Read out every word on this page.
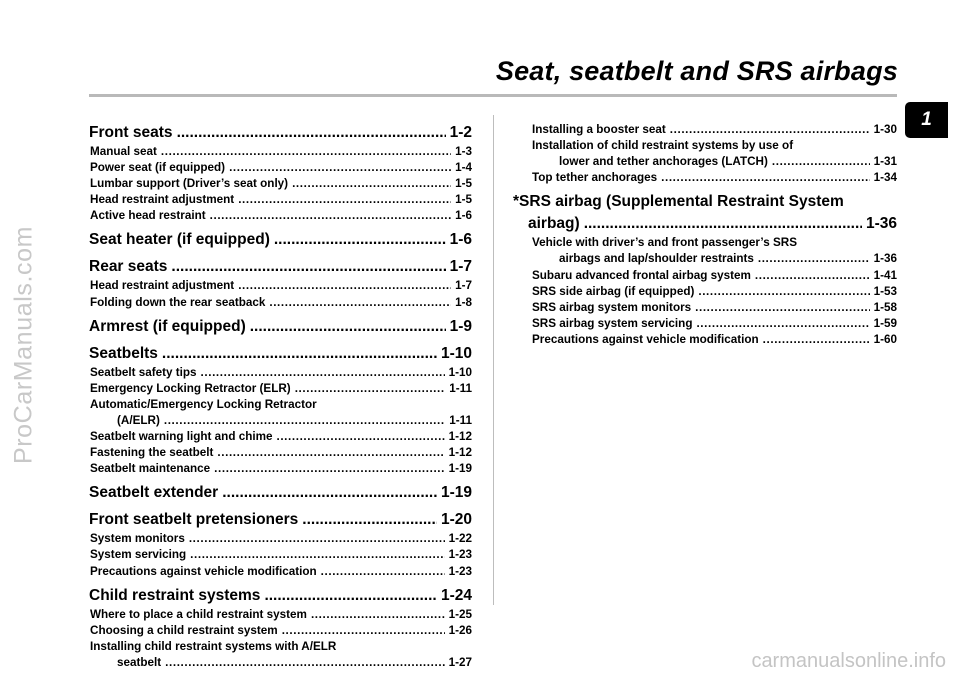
Seat, seatbelt and SRS airbags
1
ProCarManuals.com
carmanualsonline.info
Front seats .....	1-2
Manual seat .....	1-3
Power seat (if equipped) .....	1-4
Lumbar support (Driver’s seat only) .....	1-5
Head restraint adjustment .....	1-5
Active head restraint .....	1-6
Seat heater (if equipped) .....	1-6
Rear seats .....	1-7
Head restraint adjustment .....	1-7
Folding down the rear seatback .....	1-8
Armrest (if equipped) .....	1-9
Seatbelts .....	1-10
Seatbelt safety tips .....	1-10
Emergency Locking Retractor (ELR) .....	1-11
Automatic/Emergency Locking Retractor
(A/ELR) .....	1-11
Seatbelt warning light and chime .....	1-12
Fastening the seatbelt .....	1-12
Seatbelt maintenance .....	1-19
Seatbelt extender .....	1-19
Front seatbelt pretensioners .....	1-20
System monitors .....	1-22
System servicing .....	1-23
Precautions against vehicle modification .....	1-23
Child restraint systems .....	1-24
Where to place a child restraint system .....	1-25
Choosing a child restraint system .....	1-26
Installing child restraint systems with A/ELR
seatbelt .....	1-27
Installing a booster seat .....	1-30
Installation of child restraint systems by use of
lower and tether anchorages (LATCH) .....	1-31
Top tether anchorages .....	1-34
*SRS airbag (Supplemental Restraint System
airbag) .....	1-36
Vehicle with driver’s and front passenger’s SRS
airbags and lap/shoulder restraints .....	1-36
Subaru advanced frontal airbag system .....	1-41
SRS side airbag (if equipped) .....	1-53
SRS airbag system monitors .....	1-58
SRS airbag system servicing .....	1-59
Precautions against vehicle modification .....	1-60
